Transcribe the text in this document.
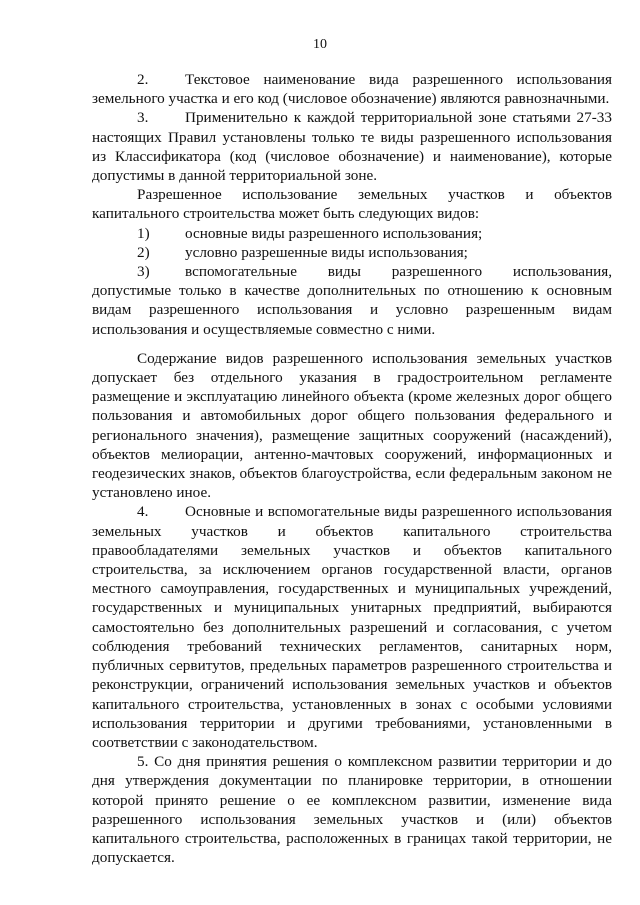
10

2. Текстовое наименование вида разрешенного использования земельного участка и его код (числовое обозначение) являются равнозначными.

3. Применительно к каждой территориальной зоне статьями 27-33 настоящих Правил установлены только те виды разрешенного использования из Классификатора (код (числовое обозначение) и наименование), которые допустимы в данной территориальной зоне.

Разрешенное использование земельных участков и объектов капитального строительства может быть следующих видов:

1) основные виды разрешенного использования;

2) условно разрешенные виды использования;

3) вспомогательные виды разрешенного использования, допустимые только в качестве дополнительных по отношению к основным видам разрешенного использования и условно разрешенным видам использования и осуществляемые совместно с ними.

Содержание видов разрешенного использования земельных участков допускает без отдельного указания в градостроительном регламенте размещение и эксплуатацию линейного объекта (кроме железных дорог общего пользования и автомобильных дорог общего пользования федерального и регионального значения), размещение защитных сооружений (насаждений), объектов мелиорации, антенно-мачтовых сооружений, информационных и геодезических знаков, объектов благоустройства, если федеральным законом не установлено иное.

4. Основные и вспомогательные виды разрешенного использования земельных участков и объектов капитального строительства правообладателями земельных участков и объектов капитального строительства, за исключением органов государственной власти, органов местного самоуправления, государственных и муниципальных учреждений, государственных и муниципальных унитарных предприятий, выбираются самостоятельно без дополнительных разрешений и согласования, с учетом соблюдения требований технических регламентов, санитарных норм, публичных сервитутов, предельных параметров разрешенного строительства и реконструкции, ограничений использования земельных участков и объектов капитального строительства, установленных в зонах с особыми условиями использования территории и другими требованиями, установленными в соответствии с законодательством.

5. Со дня принятия решения о комплексном развитии территории и до дня утверждения документации по планировке территории, в отношении которой принято решение о ее комплексном развитии, изменение вида разрешенного использования земельных участков и (или) объектов капитального строительства, расположенных в границах такой территории, не допускается.
